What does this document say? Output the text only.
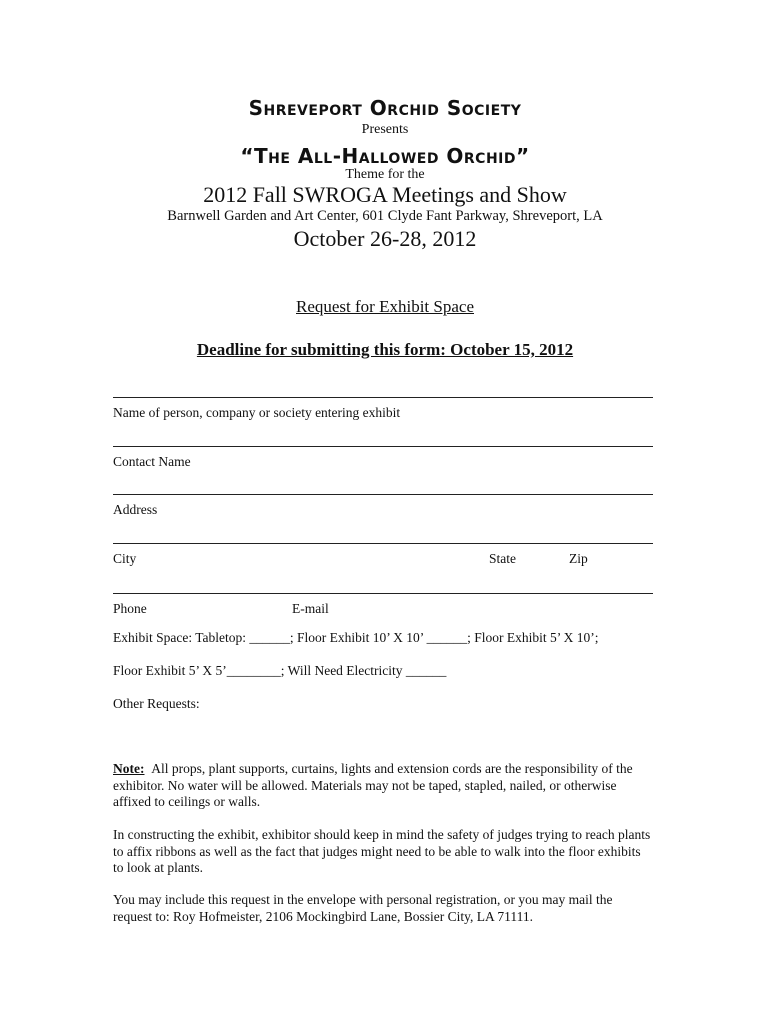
Shreveport Orchid Society
Presents
“The All-Hallowed Orchid”
Theme for the
2012 Fall SWROGA Meetings and Show
Barnwell Garden and Art Center, 601 Clyde Fant Parkway, Shreveport, LA
October 26-28, 2012
Request for Exhibit Space
Deadline for submitting this form: October 15, 2012
Name of person, company or society entering exhibit
Contact Name
Address
City	State	Zip
Phone	E-mail
Exhibit Space: Tabletop: ______; Floor Exhibit 10’ X 10’ ______; Floor Exhibit 5’ X 10’;
Floor Exhibit 5’ X 5’________; Will Need Electricity ______
Other Requests:
Note: All props, plant supports, curtains, lights and extension cords are the responsibility of the exhibitor. No water will be allowed. Materials may not be taped, stapled, nailed, or otherwise affixed to ceilings or walls.
In constructing the exhibit, exhibitor should keep in mind the safety of judges trying to reach plants to affix ribbons as well as the fact that judges might need to be able to walk into the floor exhibits to look at plants.
You may include this request in the envelope with personal registration, or you may mail the request to: Roy Hofmeister, 2106 Mockingbird Lane, Bossier City, LA 71111.
